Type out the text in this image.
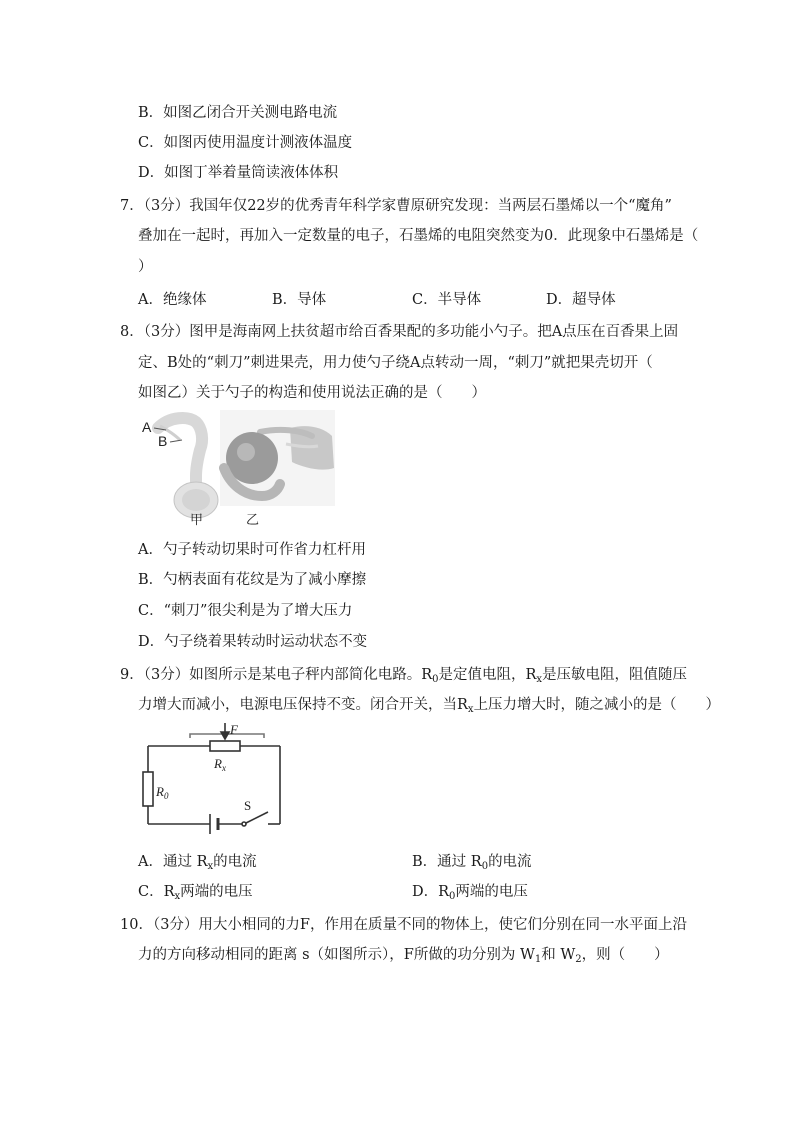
B．如图乙闭合开关测电路电流
C．如图丙使用温度计测液体温度
D．如图丁举着量筒读液体体积
7．（3分）我国年仅22岁的优秀青年科学家曹原研究发现：当两层石墨烯以一个“魔角”
叠加在一起时，再加入一定数量的电子，石墨烯的电阻突然变为0．此现象中石墨烯是（
）
A．绝缘体	B．导体	C．半导体	D．超导体
8．（3分）图甲是海南网上扶贫超市给百香果配的多功能小勺子。把A点压在百香果上固
定、B处的“刺刀”刺进果壳，用力使勺子绕A点转动一周，“刺刀”就把果壳切开（
如图乙）关于勺子的构造和使用说法正确的是（　　）
A
B
甲	乙
A．勺子转动切果时可作省力杠杆用
B．勺柄表面有花纹是为了减小摩擦
C．“刺刀”很尖利是为了增大压力
D．勺子绕着果转动时运动状态不变
9．（3分）如图所示是某电子秤内部简化电路。$R_0$是定值电阻，$R_x$是压敏电阻，阻值随压
力增大而减小，电源电压保持不变。闭合开关，当$R_x$上压力增大时，随之减小的是（　　）
F
$R_x$
$R_0$
S
A．通过 $R_x$的电流	B．通过 $R_0$的电流
C．$R_x$两端的电压	D．$R_0$两端的电压
10．（3分）用大小相同的力F，作用在质量不同的物体上，使它们分别在同一水平面上沿
力的方向移动相同的距离 s（如图所示），F所做的功分别为 $W_1$和 $W_2$，则（　　）
